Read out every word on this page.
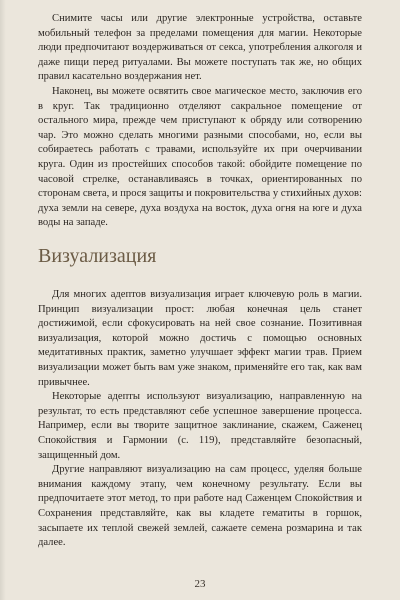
Снимите часы или другие электронные устройства, оставьте мобильный телефон за пределами помещения для магии. Некоторые люди предпочитают воздерживаться от секса, употребления алкоголя и даже пищи перед ритуалами. Вы можете поступать так же, но общих правил касательно воздержания нет.

Наконец, вы можете освятить свое магическое место, заключив его в круг. Так традиционно отделяют сакральное помещение от остального мира, прежде чем приступают к обряду или сотворению чар. Это можно сделать многими разными способами, но, если вы собираетесь работать с травами, используйте их при очерчивании круга. Один из простейших способов такой: обойдите помещение по часовой стрелке, останавливаясь в точках, ориентированных по сторонам света, и прося защиты и покровительства у стихийных духов: духа земли на севере, духа воздуха на восток, духа огня на юге и духа воды на западе.

Визуализация

Для многих адептов визуализация играет ключевую роль в магии. Принцип визуализации прост: любая конечная цель станет достижимой, если сфокусировать на ней свое сознание. Позитивная визуализация, которой можно достичь с помощью основных медитативных практик, заметно улучшает эффект магии трав. Прием визуализации может быть вам уже знаком, применяйте его так, как вам привычнее.

Некоторые адепты используют визуализацию, направленную на результат, то есть представляют себе успешное завершение процесса. Например, если вы творите защитное заклинание, скажем, Саженец Спокойствия и Гармонии (с. 119), представляйте безопасный, защищенный дом.

Другие направляют визуализацию на сам процесс, уделяя больше внимания каждому этапу, чем конечному результату. Если вы предпочитаете этот метод, то при работе над Саженцем Спокойствия и Сохранения представляйте, как вы кладете гематиты в горшок, засыпаете их теплой свежей землей, сажаете семена розмарина и так далее.

23
